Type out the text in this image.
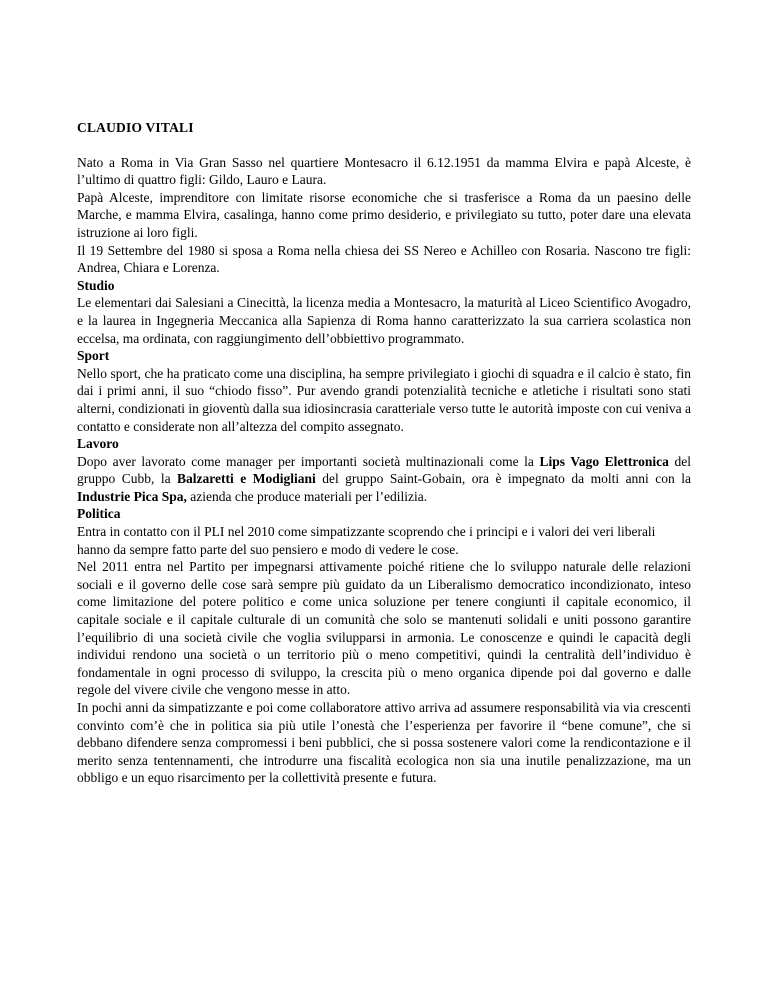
CLAUDIO VITALI

Nato a Roma in Via Gran Sasso nel quartiere Montesacro il 6.12.1951 da mamma Elvira e papà Alceste, è l’ultimo di quattro figli: Gildo, Lauro e Laura.

Papà Alceste, imprenditore con limitate risorse economiche che si trasferisce a Roma da un paesino delle Marche, e mamma Elvira, casalinga, hanno come primo desiderio, e privilegiato su tutto, poter dare una elevata istruzione ai loro figli.

Il 19 Settembre del 1980 si sposa a Roma nella chiesa dei SS Nereo e Achilleo con Rosaria. Nascono tre figli: Andrea, Chiara e Lorenza.

Studio

Le elementari dai Salesiani a Cinecittà, la licenza media a Montesacro, la maturità al Liceo Scientifico Avogadro, e la laurea in Ingegneria Meccanica alla Sapienza di Roma hanno caratterizzato la sua carriera scolastica non eccelsa, ma ordinata, con raggiungimento dell’obbiettivo programmato.

Sport

Nello sport, che ha praticato come una disciplina, ha sempre privilegiato i giochi di squadra e il calcio è stato, fin dai i primi anni, il suo “chiodo fisso”. Pur avendo grandi potenzialità tecniche e atletiche i risultati sono stati alterni, condizionati in gioventù dalla sua idiosincrasia caratteriale verso tutte le autorità imposte con cui veniva a contatto e considerate non all’altezza del compito assegnato.

Lavoro

Dopo aver lavorato come manager per importanti società multinazionali come la Lips Vago Elettronica del gruppo Cubb, la Balzaretti e Modigliani del gruppo Saint-Gobain, ora è impegnato da molti anni con la Industrie Pica Spa, azienda che produce materiali per l’edilizia.

Politica

Entra in contatto con il PLI nel 2010 come simpatizzante scoprendo che i principi e i valori dei veri liberali hanno da sempre fatto parte del suo pensiero e modo di vedere le cose.

Nel 2011 entra nel Partito per impegnarsi attivamente poiché ritiene che lo sviluppo naturale delle relazioni sociali e il governo delle cose sarà sempre più guidato da un Liberalismo democratico incondizionato, inteso come limitazione del potere politico e come unica soluzione per tenere congiunti il capitale economico, il capitale sociale e il capitale culturale di un comunità che solo se mantenuti solidali e uniti possono garantire l’equilibrio di una società civile che voglia svilupparsi in armonia. Le conoscenze e quindi le capacità degli individui rendono una società o un territorio più o meno competitivi, quindi la centralità dell’individuo è fondamentale in ogni processo di sviluppo, la crescita più o meno organica dipende poi dal governo e dalle regole del vivere civile che vengono messe in atto.

In pochi anni da simpatizzante e poi come collaboratore attivo arriva ad assumere responsabilità via via crescenti convinto com’è che in politica sia più utile l’onestà che l’esperienza per favorire il “bene comune”, che si debbano difendere senza compromessi i beni pubblici, che si possa sostenere valori come la rendicontazione e il merito senza tentennamenti, che introdurre una fiscalità ecologica non sia una inutile penalizzazione, ma un obbligo e un equo risarcimento per la collettività presente e futura.
